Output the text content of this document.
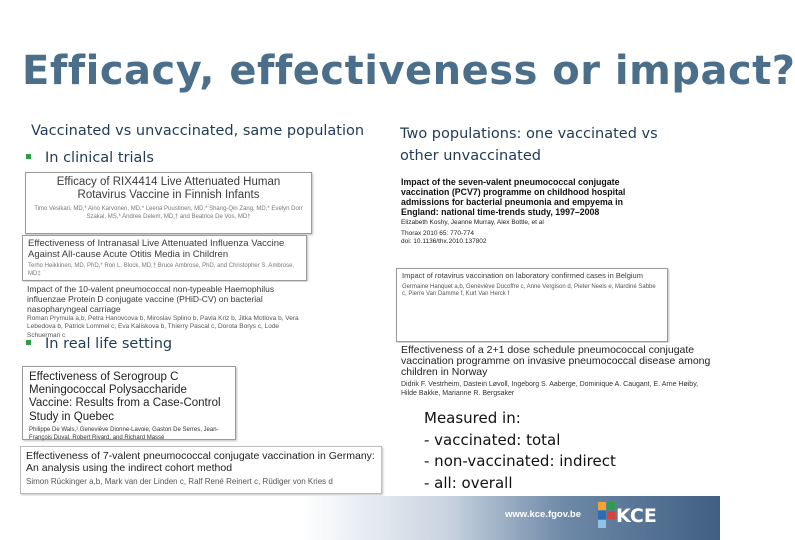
Efficacy, effectiveness or impact?
Vaccinated vs unvaccinated, same population Two populations: one vaccinated vs other unvaccinated
In clinical trials
Efficacy of RIX4414 Live Attenuated Human Rotavirus Vaccine in Finnish Infants
Timo Vesikari, MD,* Aino Karvonen, MD,* Leena Puustinen, MD,* Shang-Qin Zang, MD,* Evelyn Dorr Szakal, MS,* Andree Delem, MD,† and Beatrice De Vos, MD†
Effectiveness of Intranasal Live Attenuated Influenza Vaccine Against All-cause Acute Otitis Media in Children
Terho Heikkinen, MD, PhD,* Ron L. Block, MD,† Bruce Ambrose, PhD, and Christopher S. Ambrose, MD‡
Impact of the 10-valent pneumococcal non-typeable Haemophilus influenzae Protein D conjugate vaccine (PHiD-CV) on bacterial nasopharyngeal carriage
Roman Prymula a,b, Petra Hanovcova b, Miroslav Splino b, Pavla Kriz b, Jitka Motlova b, Vera Lebedova b, Patrick Lommel c, Eva Kaliskova b, Thierry Pascal c, Dorota Borys c, Lode Schuerman c
In real life setting
Effectiveness of Serogroup C Meningococcal Polysaccharide Vaccine: Results from a Case-Control Study in Quebec
Philippe De Wals,¹ Geneviève Dionne-Lavoie, Gaston De Serres, Jean-François Duval, Robert Rivard, and Richard Massé
Effectiveness of 7-valent pneumococcal conjugate vaccination in Germany: An analysis using the indirect cohort method
Simon Rückinger a,b, Mark van der Linden c, Ralf René Reinert c, Rüdiger von Kries d
Impact of the seven-valent pneumococcal conjugate vaccination (PCV7) programme on childhood hospital admissions for bacterial pneumonia and empyema in England: national time-trends study, 1997–2008
Elizabeth Koshy, Jeanne Murray, Alex Bottle, et al
Thorax 2010 65: 770-774
doi: 10.1136/thx.2010.137802
Impact of rotavirus vaccination on laboratory confirmed cases in Belgium
Germaine Hanquet a,b, Geneviève Ducoffre c, Anne Vergison d, Pieter Neels e, Mardiné Sabbe c, Pierre Van Damme f, Kurt Van Herck f
Effectiveness of a 2+1 dose schedule pneumococcal conjugate vaccination programme on invasive pneumococcal disease among children in Norway
Didrik F. Vestrheim, Dastein Løvoll, Ingeborg S. Aaberge, Dominique A. Caugant, E. Arne Høiby, Hilde Bakke, Marianne R. Bergsaker
Measured in:
- vaccinated: total
- non-vaccinated: indirect
- all: overall
www.kce.fgov.be KCE
